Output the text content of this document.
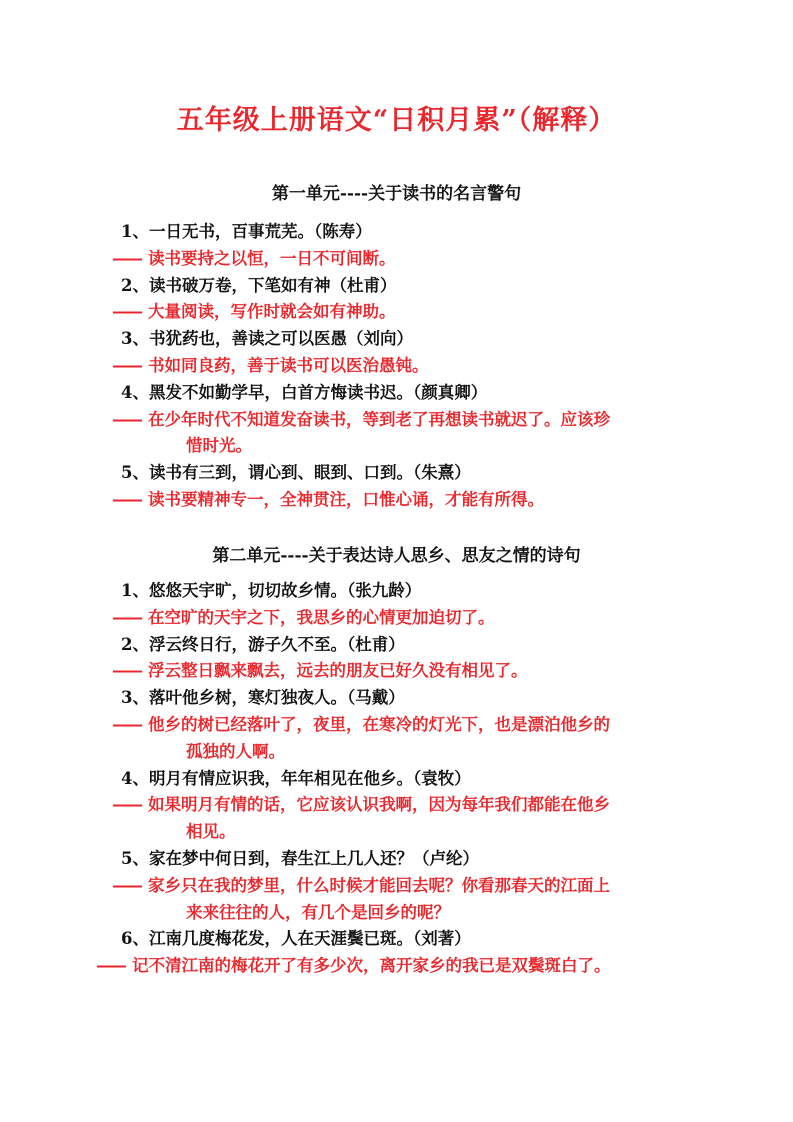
五年级上册语文“日积月累”（解释）
第一单元----关于读书的名言警句
1、一日无书，百事荒芜。（陈寿）
—— 读书要持之以恒，一日不可间断。
2、读书破万卷，下笔如有神（杜甫）
—— 大量阅读，写作时就会如有神助。
3、书犹药也，善读之可以医愚（刘向）
—— 书如同良药，善于读书可以医治愚钝。
4、黑发不如勤学早，白首方悔读书迟。（颜真卿）
—— 在少年时代不知道发奋读书，等到老了再想读书就迟了。应该珍
惜时光。
5、读书有三到，谓心到、眼到、口到。（朱熹）
—— 读书要精神专一，全神贯注，口惟心诵，才能有所得。
第二单元----关于表达诗人思乡、思友之情的诗句
1、悠悠天宇旷，切切故乡情。（张九龄）
—— 在空旷的天宇之下，我思乡的心情更加迫切了。
2、浮云终日行，游子久不至。（杜甫）
—— 浮云整日飘来飘去，远去的朋友已好久没有相见了。
3、落叶他乡树，寒灯独夜人。（马戴）
—— 他乡的树已经落叶了，夜里，在寒冷的灯光下，也是漂泊他乡的
孤独的人啊。
4、明月有情应识我，年年相见在他乡。（袁牧）
—— 如果明月有情的话，它应该认识我啊，因为每年我们都能在他乡
相见。
5、家在梦中何日到，春生江上几人还？（卢纶）
—— 家乡只在我的梦里，什么时候才能回去呢？你看那春天的江面上
来来往往的人，有几个是回乡的呢？
6、江南几度梅花发，人在天涯鬓已斑。（刘著）
—— 记不清江南的梅花开了有多少次，离开家乡的我已是双鬓斑白了。
